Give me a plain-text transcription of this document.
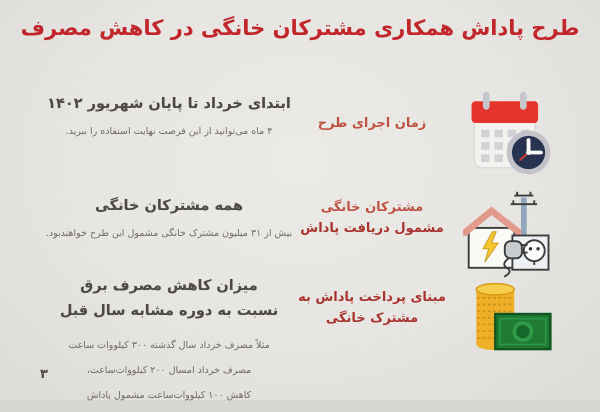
طرح پاداش همکاری مشترکان خانگی در کاهش مصرف
زمان اجرای طرح
ابتدای خرداد تا پایان شهریور ۱۴۰۲
۴ ماه می‌توانید از این فرصت نهایت استفاده را ببرید.
مشترکان خانگی
مشمول دریافت پاداش
همه مشترکان خانگی
بیش از ۳۱ میلیون مشترک خانگی مشمول این طرح خواهند‌بود.
مبنای پرداخت پاداش به
مشترک خانگی
میزان کاهش مصرف برق
نسبت به دوره مشابه سال قبل
مثلاً مصرف خرداد سال گذشته ۳۰۰ کیلووات ساعت
مصرف خرداد امسال ۲۰۰ کیلووات‌ساعت،
کاهش ۱۰۰ کیلووات‌ساعت مشمول پاداش
۳
